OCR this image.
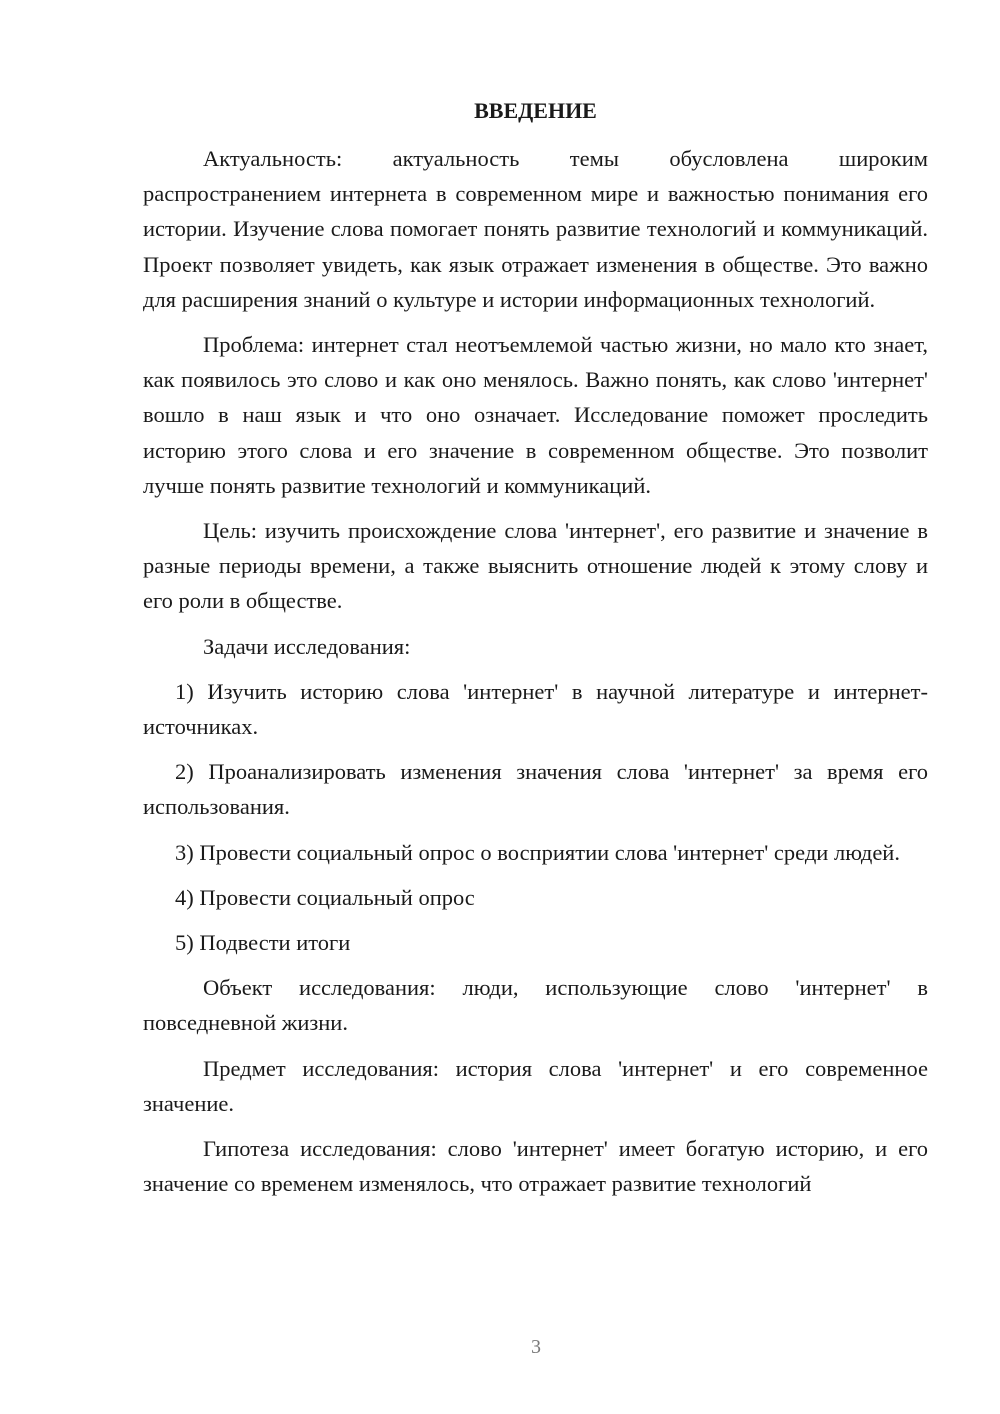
ВВЕДЕНИЕ

Актуальность: актуальность темы обусловлена широким распространением интернета в современном мире и важностью понимания его истории. Изучение слова помогает понять развитие технологий и коммуникаций. Проект позволяет увидеть, как язык отражает изменения в обществе. Это важно для расширения знаний о культуре и истории информационных технологий.

Проблема: интернет стал неотъемлемой частью жизни, но мало кто знает, как появилось это слово и как оно менялось. Важно понять, как слово 'интернет' вошло в наш язык и что оно означает. Исследование поможет проследить историю этого слова и его значение в современном обществе. Это позволит лучше понять развитие технологий и коммуникаций.

Цель: изучить происхождение слова 'интернет', его развитие и значение в разные периоды времени, а также выяснить отношение людей к этому слову и его роли в обществе.

Задачи исследования:

1) Изучить историю слова 'интернет' в научной литературе и интернет-источниках.

2) Проанализировать изменения значения слова 'интернет' за время его использования.

3) Провести социальный опрос о восприятии слова 'интернет' среди людей.

4) Провести социальный опрос

5) Подвести итоги

Объект исследования: люди, использующие слово 'интернет' в повседневной жизни.

Предмет исследования: история слова 'интернет' и его современное значение.

Гипотеза исследования: слово 'интернет' имеет богатую историю, и его значение со временем изменялось, что отражает развитие технологий

3
